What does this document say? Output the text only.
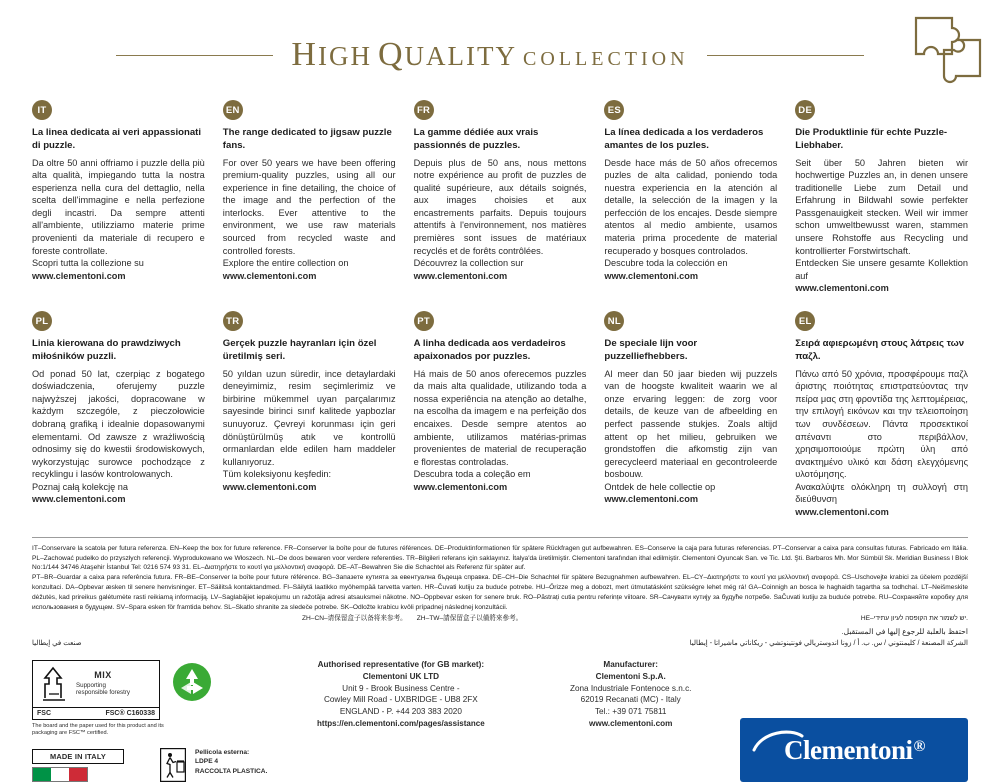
HIGH QUALITY COLLECTION
IT
La linea dedicata ai veri appassionati di puzzle.
Da oltre 50 anni offriamo i puzzle della più alta qualità, impiegando tutta la nostra esperienza nella cura del dettaglio, nella scelta dell'immagine e nella perfezione degli incastri. Da sempre attenti all'ambiente, utilizziamo materie prime provenienti da materiale di recupero e foreste controllate.
Scopri tutta la collezione su
www.clementoni.com
EN
The range dedicated to jigsaw puzzle fans.
For over 50 years we have been offering premium-quality puzzles, using all our experience in fine detailing, the choice of the image and the perfection of the interlocks. Ever attentive to the environment, we use raw materials sourced from recycled waste and controlled forests.
Explore the entire collection on
www.clementoni.com
FR
La gamme dédiée aux vrais passionnés de puzzles.
Depuis plus de 50 ans, nous mettons notre expérience au profit de puzzles de qualité supérieure, aux détails soignés, aux images choisies et aux encastrements parfaits. Depuis toujours attentifs à l'environnement, nos matières premières sont issues de matériaux recyclés et de forêts contrôlées.
Découvrez la collection sur
www.clementoni.com
ES
La línea dedicada a los verdaderos amantes de los puzles.
Desde hace más de 50 años ofrecemos puzles de alta calidad, poniendo toda nuestra experiencia en la atención al detalle, la selección de la imagen y la perfección de los encajes. Desde siempre atentos al medio ambiente, usamos materia prima procedente de material recuperado y bosques controlados.
Descubre toda la colección en
www.clementoni.com
DE
Die Produktlinie für echte Puzzle-Liebhaber.
Seit über 50 Jahren bieten wir hochwertige Puzzles an, in denen unsere traditionelle Liebe zum Detail und Erfahrung in Bildwahl sowie perfekter Passgenauigkeit stecken. Weil wir immer schon umweltbewusst waren, stammen unsere Rohstoffe aus Recycling und kontrollierter Forstwirtschaft.
Entdecken Sie unsere gesamte Kollektion auf
www.clementoni.com
PL
Linia kierowana do prawdziwych miłośników puzzli.
Od ponad 50 lat, czerpiąc z bogatego doświadczenia, oferujemy puzzle najwyższej jakości, dopracowane w każdym szczególe, z pieczołowicie dobraną grafiką i idealnie dopasowanymi elementami. Od zawsze z wrażliwością odnosimy się do kwestii środowiskowych, wykorzystując surowce pochodzące z recyklingu i lasów kontrolowanych.
Poznaj całą kolekcję na
www.clementoni.com
TR
Gerçek puzzle hayranları için özel üretilmiş seri.
50 yıldan uzun süredir, ince detaylardaki deneyimimiz, resim seçimlerimiz ve birbirine mükemmel uyan parçalarımız sayesinde birinci sınıf kalitede yapbozlar sunuyoruz. Çevreyi korunması için geri dönüştürülmüş atık ve kontrollü ormanlardan elde edilen ham maddeler kullanıyoruz.
Tüm koleksiyonu keşfedin:
www.clementoni.com
PT
A linha dedicada aos verdadeiros apaixonados por puzzles.
Há mais de 50 anos oferecemos puzzles da mais alta qualidade, utilizando toda a nossa experiência na atenção ao detalhe, na escolha da imagem e na perfeição dos encaixes. Desde sempre atentos ao ambiente, utilizamos matérias-primas provenientes de material de recuperação e florestas controladas.
Descubra toda a coleção em
www.clementoni.com
NL
De speciale lijn voor puzzelliefhebbers.
Al meer dan 50 jaar bieden wij puzzels van de hoogste kwaliteit waarin we al onze ervaring leggen: de zorg voor details, de keuze van de afbeelding en perfect passende stukjes. Zoals altijd attent op het milieu, gebruiken we grondstoffen die afkomstig zijn van gerecycleerd materiaal en gecontroleerde bosbouw.
Ontdek de hele collectie op
www.clementoni.com
EL
Σειρά αφιερωμένη στους λάτρεις των παζλ.
Πάνω από 50 χρόνια, προσφέρουμε παζλ άριστης ποιότητας επιστρατεύοντας την πείρα μας στη φροντίδα της λεπτομέρειας, την επιλογή εικόνων και την τελειοποίηση των συνδέσεων. Πάντα προσεκτικοί απέναντι στο περιβάλλον, χρησιμοποιούμε πρώτη ύλη από ανακτημένο υλικό και δάση ελεγχόμενης υλοτόμησης.
Ανακαλύψτε ολόκληρη τη συλλογή στη διεύθυνση
www.clementoni.com
IT–Conservare la scatola per futura referenza. EN–Keep the box for future reference. FR–Conserver la boîte pour de futures références. DE–Produktinformationen für spätere Rückfragen gut aufbewahren. ES–Conserve la caja para futuras referencias. PT–Conservar a caixa para consultas futuras. Fabricado em Itália. PL–Zachować pudełko do przyszłych referencji. Wyprodukowano we Włoszech. NL–De doos bewaren voor verdere referenties. TR–Bilgileri referans için saklayınız. İtalya'da üretilmiştir. Clementoni tarafından ithal edilmiştir. Clementoni Oyuncak San. ve Tic. Ltd. Şti. Barbaros Mh. Mor Sümbül Sk. Meridian Business l Blok No:1/144 34746 Ataşehir İstanbul Tel: 0216 574 93 31. EL–Διατηρήστε το κουτί για μελλοντική αναφορά. DE–AT–Bewahren Sie die Schachtel als Referenz für später auf.
PT–BR–Guardar a caixa para referência futura. FR–BE–Conserver la boîte pour future référence. BG–Запазете кутията за евентуална бъдеща справка. DE–CH–Die Schachtel für spätere Bezugnahmen aufbewahren. EL–CY–Διατηρήστε το κουτί για μελλοντική αναφορά. CS–Uschovejte krabici za účelem pozdější konzultaci. DA–Opbevar æsken til senere henvisninger. ET–Säilitsä kontaktandmed. FI–Säilytä laatikko myöhempää tarvetta varten. HR–Čuvati kutiju za buduće potrebe. HU–Őrizze meg a dobozt, mert útmutatásként szükségre lehet még rá! GA–Coinnigh an bosca le haghaidh tagartha sa todhchaí. LT–Neišmeskite dėžutės, kad prireikus galėtumėte rasti reikiamą informaciją. LV–Saglabājiet iepakojumu un ražotāja adresi atsauksmei nākotne. NO–Oppbevar esken for senere bruk. RO–Păstrați cutia pentru referințe viitoare. SR–Сачувати кутију за будуће потребе. SaČuvati kutiju za buduće potrebe. RU–Сохраняйте коробку для использования в будущем. SV–Spara esken för framtida behov. SL–Skatlo shranite za sledeče potrebe. SK–Odložte krabicu kvôli prípadnej následnej konzultácii.
ZH–CN–请保留盒子以备将来参考。	ZH–TW–請保留盒子以備將來參考。	HE–יש לשמור את הקופסה לעיון עתידי.
احتفظ بالعلبة للرجوع إليها في المستقبل.
الشركة المصنعة / كليمنتوني / س. ب. أ / زونا اندوستريالي فونتينوتشي - ريكاناتي ماشيراتا - إيطاليا
صنعت في إيطاليا
MIX
Supporting
responsible forestry
FSC	FSC® C160338
The board and the paper used for this product and its packaging are FSC™ certified.
MADE IN ITALY	Pellicola esterna:
LDPE 4
RACCOLTA PLASTICA.
Authorised representative (for GB market):
Clementoni UK LTD
Unit 9 - Brook Business Centre -
Cowley Mill Road - UXBRIDGE - UB8 2FX
ENGLAND - P. +44 203 383 2020
https://en.clementoni.com/pages/assistance
Manufacturer:
Clementoni S.p.A.
Zona Industriale Fontenoce s.n.c.
62019 Recanati (MC) - Italy
Tel.: +39 071 75811
www.clementoni.com
Clementoni®
